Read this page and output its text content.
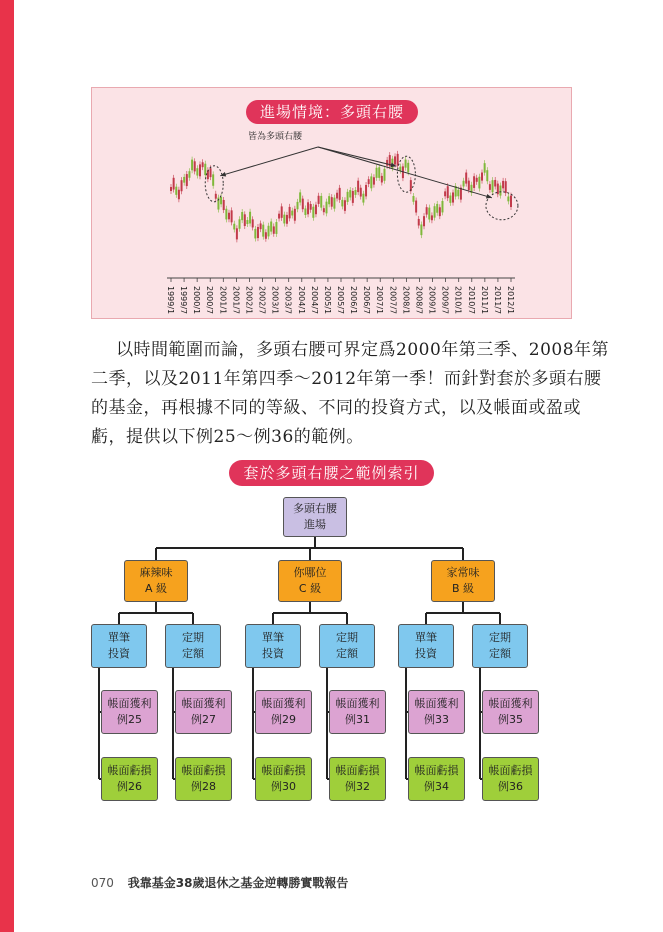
1999/1 1999/7 2000/1 2000/7 2001/1 2001/7 2002/1 2002/7 2003/1 2003/7 2004/1 2004/7 2005/1 2005/7 2006/1 2006/7 2007/1 2007/7 2008/1 2008/7 2009/1 2009/7 2010/1 2010/7 2011/1 2011/7 2012/1
皆為多頭右腰
進場情境：多頭右腰
以時間範圍而論，多頭右腰可界定爲2000年第三季、2008年第
二季，以及2011年第四季～2012年第一季！而針對套於多頭右腰
的基金，再根據不同的等級、不同的投資方式，以及帳面或盈或
虧，提供以下例25～例36的範例。
套於多頭右腰之範例索引
多頭右腰
進場
麻辣味
A 級
單筆
投資
帳面獲利
例25
帳面虧損
例26
定期
定額
帳面獲利
例27
帳面虧損
例28
你哪位
C 級
單筆
投資
帳面獲利
例29
帳面虧損
例30
定期
定額
帳面獲利
例31
帳面虧損
例32
家常味
B 級
單筆
投資
帳面獲利
例33
帳面虧損
例34
定期
定額
帳面獲利
例35
帳面虧損
例36
070 我靠基金38歲退休之基金逆轉勝實戰報告
